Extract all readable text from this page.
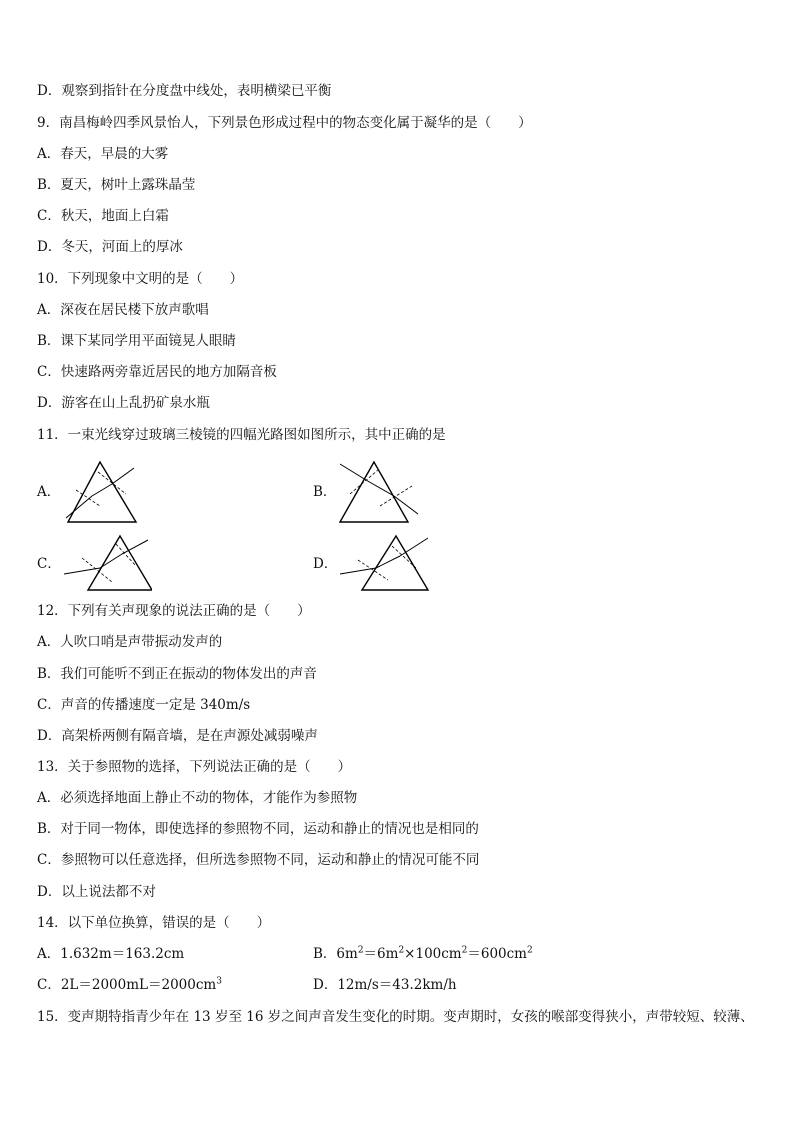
D．观察到指针在分度盘中线处，表明横梁已平衡
9．南昌梅岭四季风景怡人，下列景色形成过程中的物态变化属于凝华的是（　　）
A．春天，早晨的大雾
B．夏天，树叶上露珠晶莹
C．秋天，地面上白霜
D．冬天，河面上的厚冰
10．下列现象中文明的是（　　）
A．深夜在居民楼下放声歌唱
B．课下某同学用平面镜晃人眼睛
C．快速路两旁靠近居民的地方加隔音板
D．游客在山上乱扔矿泉水瓶
11．一束光线穿过玻璃三棱镜的四幅光路图如图所示，其中正确的是
A．	B．
C．	D．
12．下列有关声现象的说法正确的是（　　）
A．人吹口哨是声带振动发声的
B．我们可能听不到正在振动的物体发出的声音
C．声音的传播速度一定是 340m/s
D．高架桥两侧有隔音墙，是在声源处减弱噪声
13．关于参照物的选择，下列说法正确的是（　　）
A．必须选择地面上静止不动的物体，才能作为参照物
B．对于同一物体，即使选择的参照物不同，运动和静止的情况也是相同的
C．参照物可以任意选择，但所选参照物不同，运动和静止的情况可能不同
D．以上说法都不对
14．以下单位换算，错误的是（　　）
A．1.632m＝163.2cm	B．$6m^2=6m^2\times 100cm^2=600cm^2$
C．$2L=2000mL=2000cm^3$	D．12m/s＝43.2km/h
15．变声期特指青少年在 13 岁至 16 岁之间声音发生变化的时期。变声期时，女孩的喉部变得狭小，声带较短、较薄、
